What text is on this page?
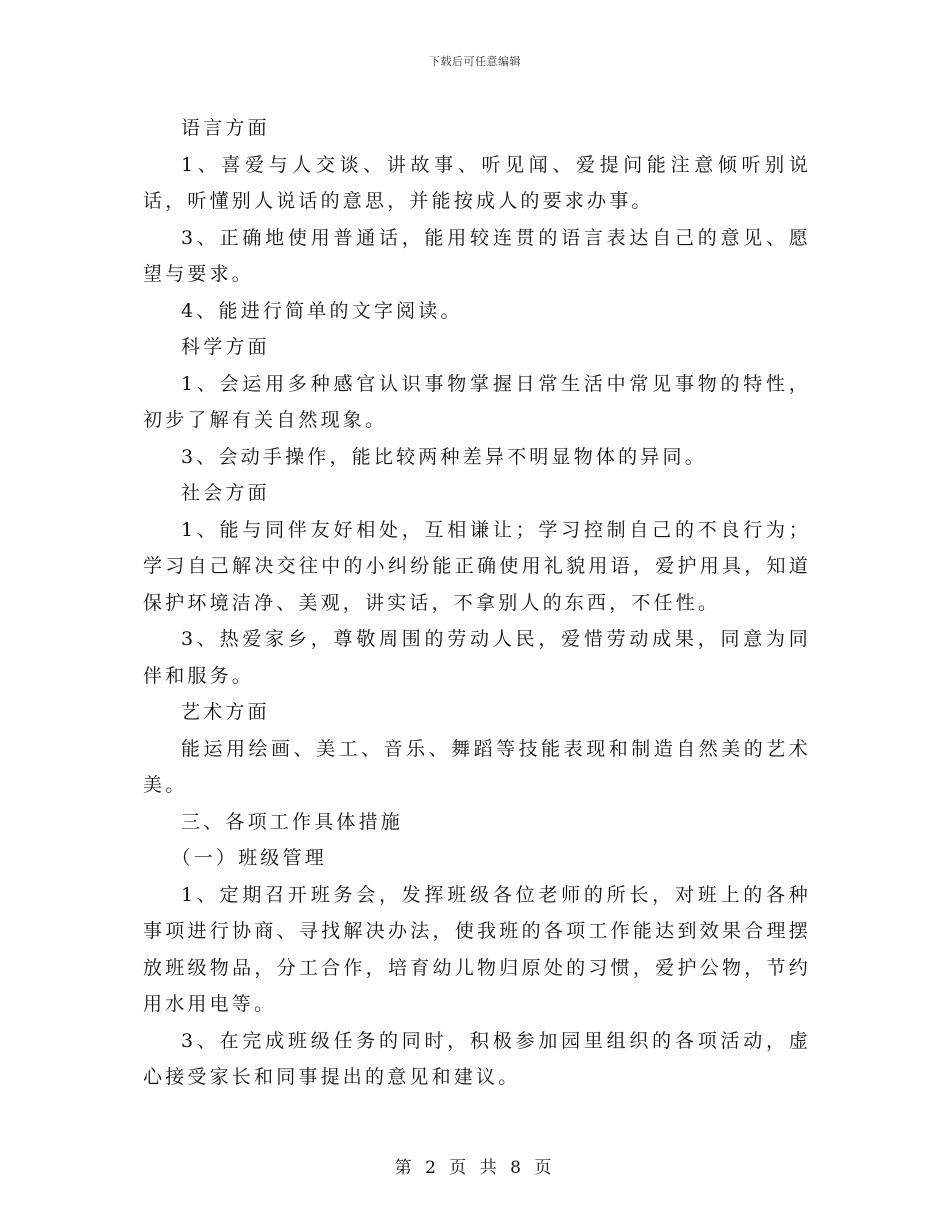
下载后可任意编辑

语言方面

1、喜爱与人交谈、讲故事、听见闻、爱提问能注意倾听别说话，听懂别人说话的意思，并能按成人的要求办事。

3、正确地使用普通话，能用较连贯的语言表达自己的意见、愿望与要求。

4、能进行简单的文字阅读。

科学方面

1、会运用多种感官认识事物掌握日常生活中常见事物的特性，初步了解有关自然现象。

3、会动手操作，能比较两种差异不明显物体的异同。

社会方面

1、能与同伴友好相处，互相谦让；学习控制自己的不良行为；学习自己解决交往中的小纠纷能正确使用礼貌用语，爱护用具，知道保护环境洁净、美观，讲实话，不拿别人的东西，不任性。

3、热爱家乡，尊敬周围的劳动人民，爱惜劳动成果，同意为同伴和服务。

艺术方面

能运用绘画、美工、音乐、舞蹈等技能表现和制造自然美的艺术美。

三、各项工作具体措施

（一）班级管理

1、定期召开班务会，发挥班级各位老师的所长，对班上的各种事项进行协商、寻找解决办法，使我班的各项工作能达到效果合理摆放班级物品，分工合作，培育幼儿物归原处的习惯，爱护公物，节约用水用电等。

3、在完成班级任务的同时，积极参加园里组织的各项活动，虚心接受家长和同事提出的意见和建议。

第 2 页 共 8 页
